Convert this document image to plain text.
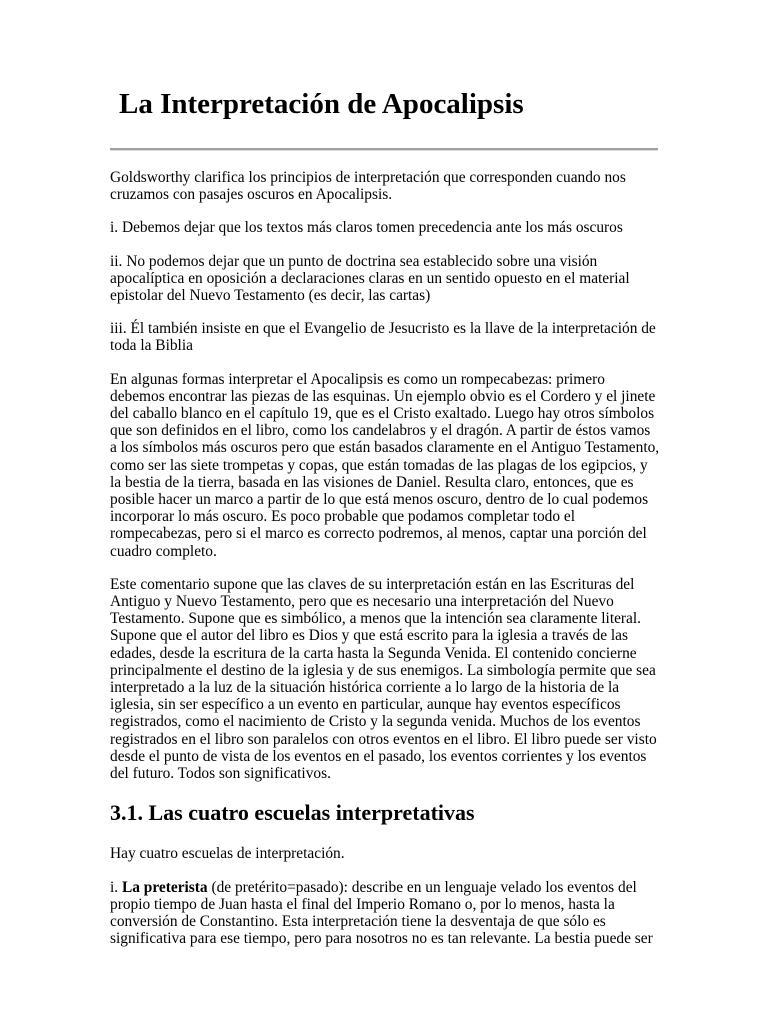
La Interpretación de Apocalipsis

Goldsworthy clarifica los principios de interpretación que corresponden cuando nos cruzamos con pasajes oscuros en Apocalipsis.

i. Debemos dejar que los textos más claros tomen precedencia ante los más oscuros

ii. No podemos dejar que un punto de doctrina sea establecido sobre una visión apocalíptica en oposición a declaraciones claras en un sentido opuesto en el material epistolar del Nuevo Testamento (es decir, las cartas)

iii. Él también insiste en que el Evangelio de Jesucristo es la llave de la interpretación de toda la Biblia

En algunas formas interpretar el Apocalipsis es como un rompecabezas: primero debemos encontrar las piezas de las esquinas. Un ejemplo obvio es el Cordero y el jinete del caballo blanco en el capítulo 19, que es el Cristo exaltado. Luego hay otros símbolos que son definidos en el libro, como los candelabros y el dragón. A partir de éstos vamos a los símbolos más oscuros pero que están basados claramente en el Antiguo Testamento, como ser las siete trompetas y copas, que están tomadas de las plagas de los egipcios, y la bestia de la tierra, basada en las visiones de Daniel. Resulta claro, entonces, que es posible hacer un marco a partir de lo que está menos oscuro, dentro de lo cual podemos incorporar lo más oscuro. Es poco probable que podamos completar todo el rompecabezas, pero si el marco es correcto podremos, al menos, captar una porción del cuadro completo.

Este comentario supone que las claves de su interpretación están en las Escrituras del Antiguo y Nuevo Testamento, pero que es necesario una interpretación del Nuevo Testamento. Supone que es simbólico, a menos que la intención sea claramente literal. Supone que el autor del libro es Dios y que está escrito para la iglesia a través de las edades, desde la escritura de la carta hasta la Segunda Venida. El contenido concierne principalmente el destino de la iglesia y de sus enemigos. La simbología permite que sea interpretado a la luz de la situación histórica corriente a lo largo de la historia de la iglesia, sin ser específico a un evento en particular, aunque hay eventos específicos registrados, como el nacimiento de Cristo y la segunda venida. Muchos de los eventos registrados en el libro son paralelos con otros eventos en el libro. El libro puede ser visto desde el punto de vista de los eventos en el pasado, los eventos corrientes y los eventos del futuro. Todos son significativos.

3.1. Las cuatro escuelas interpretativas

Hay cuatro escuelas de interpretación.

i. La preterista (de pretérito=pasado): describe en un lenguaje velado los eventos del propio tiempo de Juan hasta el final del Imperio Romano o, por lo menos, hasta la conversión de Constantino. Esta interpretación tiene la desventaja de que sólo es significativa para ese tiempo, pero para nosotros no es tan relevante. La bestia puede ser
